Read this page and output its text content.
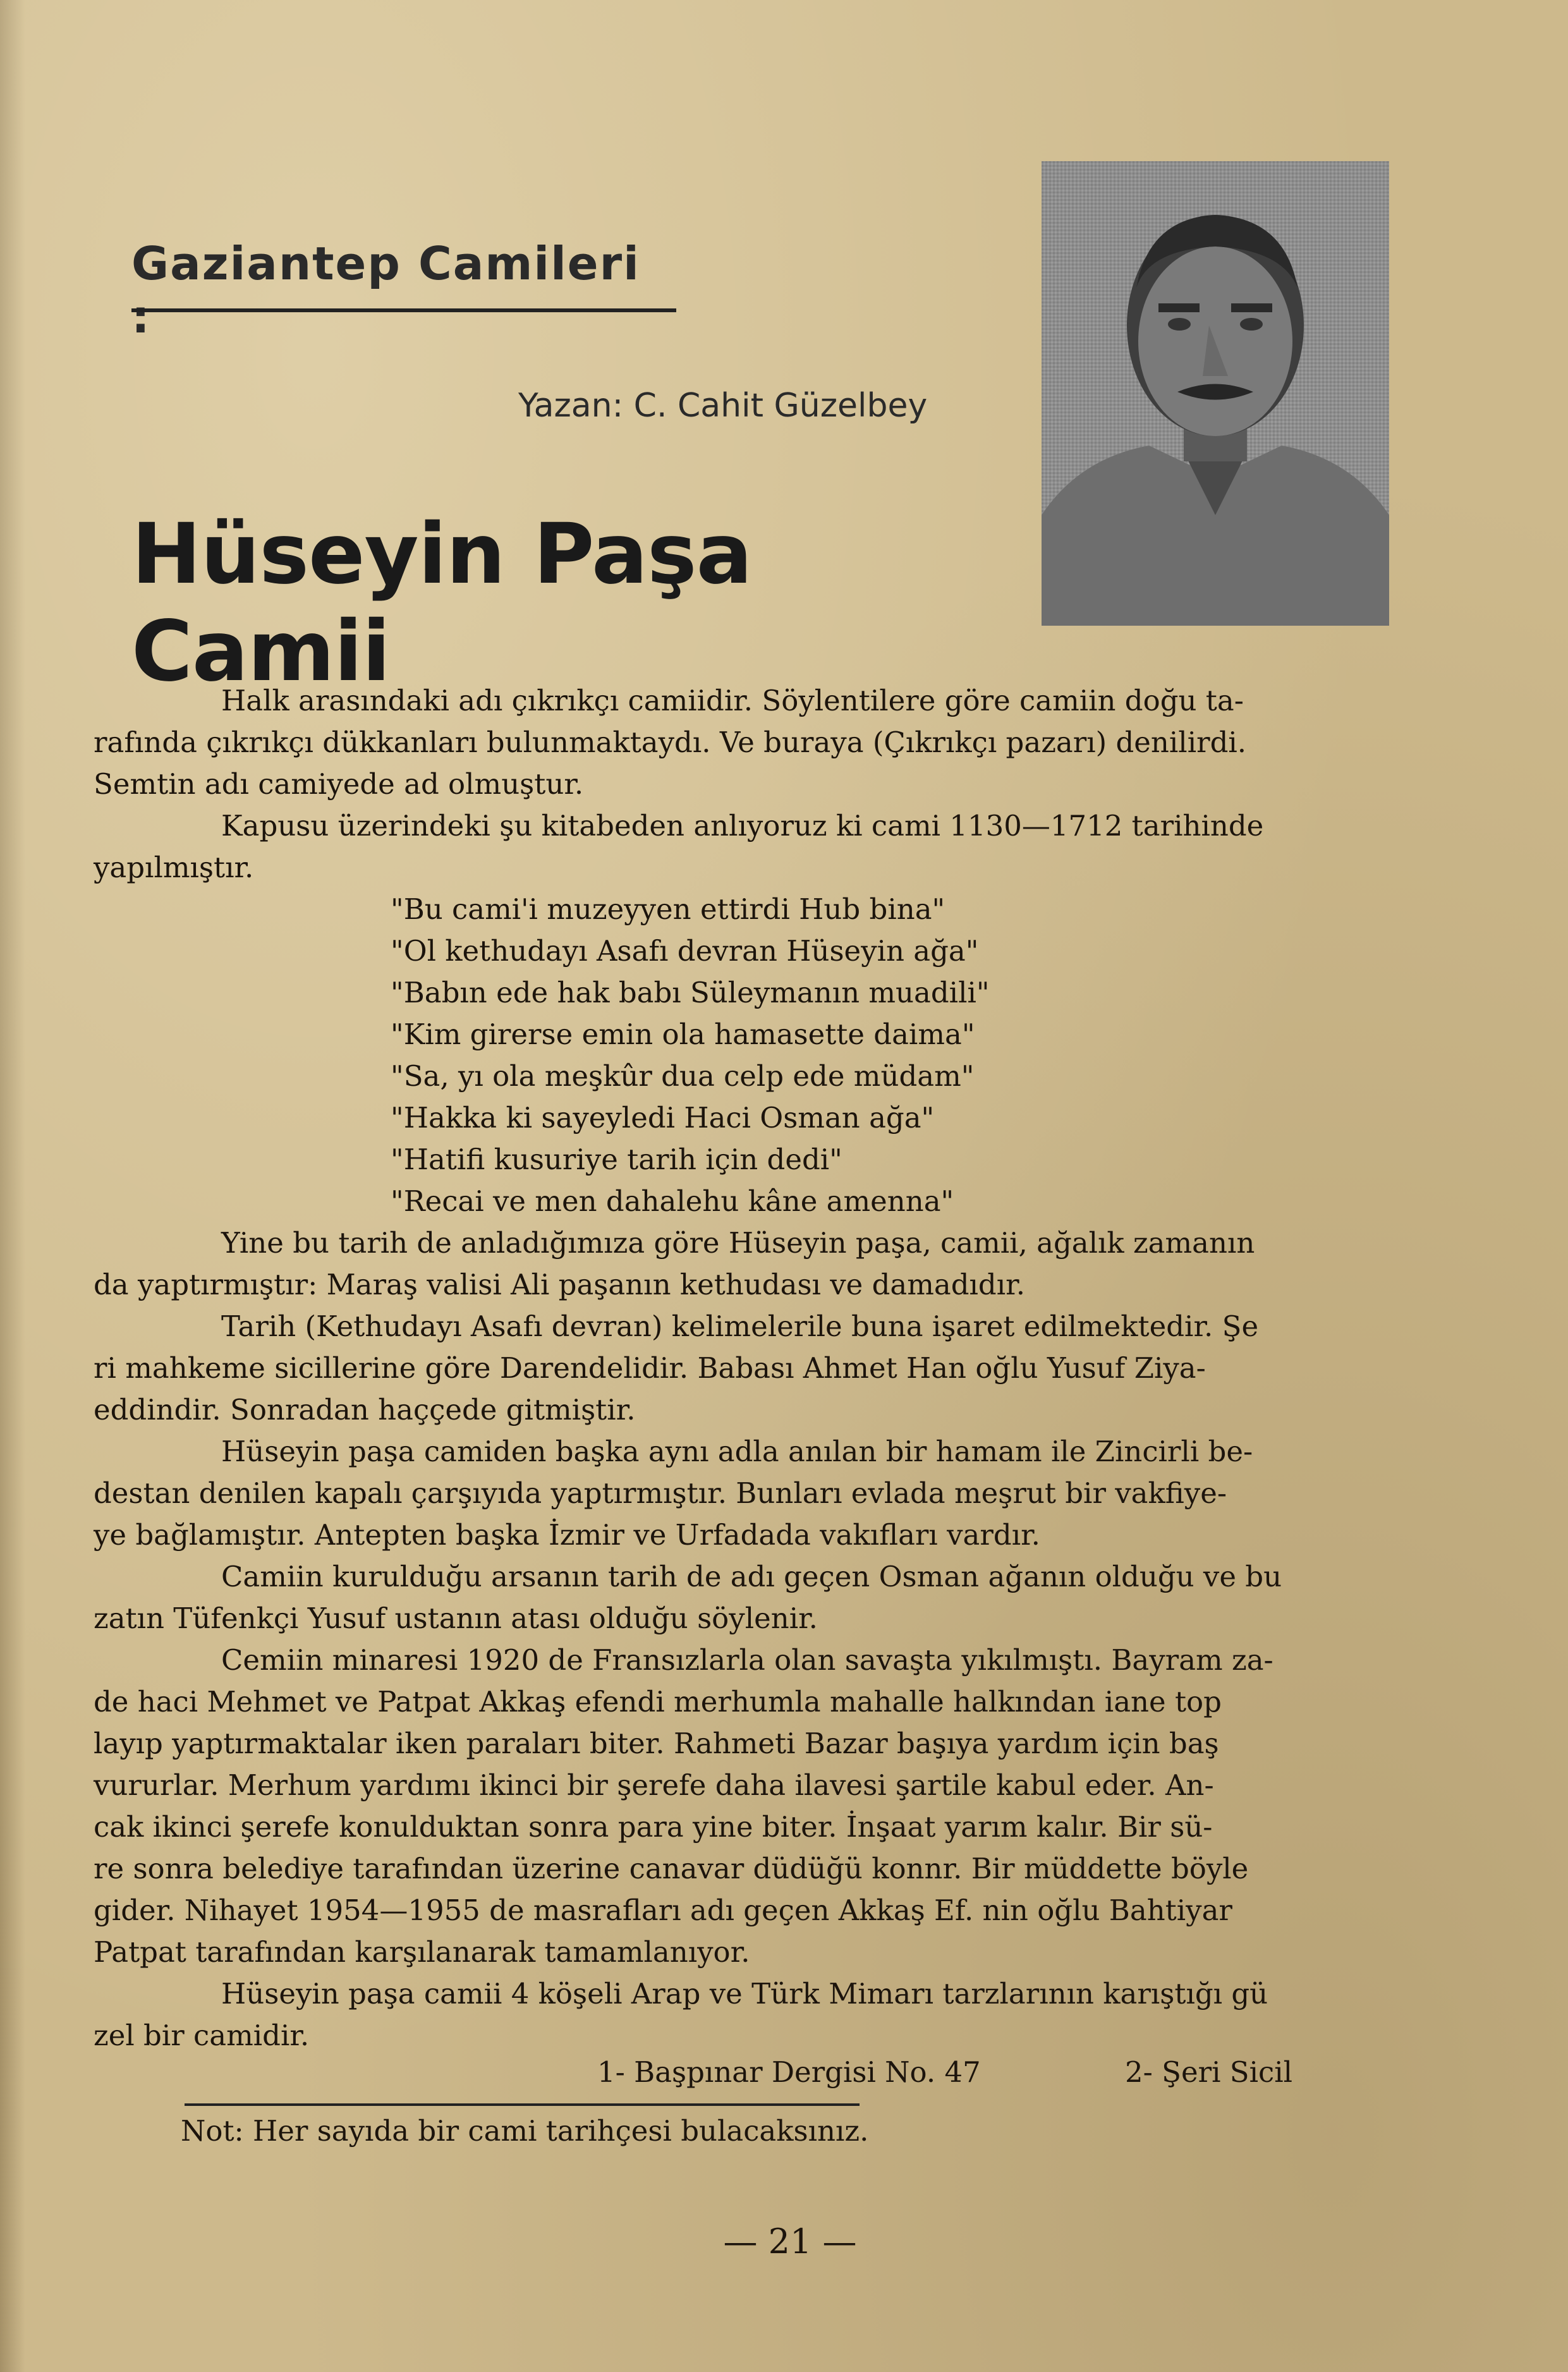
Gaziantep Camileri :
Yazan: C. Cahit Güzelbey
Hüseyin Paşa Camii
Halk arasındaki adı çıkrıkçı camiidir. Söylentilere göre camiin doğu ta-
rafında çıkrıkçı dükkanları bulunmaktaydı. Ve buraya (Çıkrıkçı pazarı) denilirdi.
Semtin adı camiyede ad olmuştur.
Kapusu üzerindeki şu kitabeden anlıyoruz ki cami 1130—1712 tarihinde
yapılmıştır.
"Bu cami'i muzeyyen ettirdi Hub bina"
"Ol kethudayı Asafı devran Hüseyin ağa"
"Babın ede hak babı Süleymanın muadili"
"Kim girerse emin ola hamasette daima"
"Sa, yı ola meşkûr dua celp ede müdam"
"Hakka ki sayeyledi Haci Osman ağa"
"Hatifi kusuriye tarih için dedi"
"Recai ve men dahalehu kâne amenna"
Yine bu tarih de anladığımıza göre Hüseyin paşa, camii, ağalık zamanın
da yaptırmıştır: Maraş valisi Ali paşanın kethudası ve damadıdır.
Tarih (Kethudayı Asafı devran) kelimelerile buna işaret edilmektedir. Şe
ri mahkeme sicillerine göre Darendelidir. Babası Ahmet Han oğlu Yusuf Ziya-
eddindir. Sonradan haççede gitmiştir.
Hüseyin paşa camiden başka aynı adla anılan bir hamam ile Zincirli be-
destan denilen kapalı çarşıyıda yaptırmıştır. Bunları evlada meşrut bir vakfiye-
ye bağlamıştır. Antepten başka İzmir ve Urfadada vakıfları vardır.
Camiin kurulduğu arsanın tarih de adı geçen Osman ağanın olduğu ve bu
zatın Tüfenkçi Yusuf ustanın atası olduğu söylenir.
Cemiin minaresi 1920 de Fransızlarla olan savaşta yıkılmıştı. Bayram za-
de haci Mehmet ve Patpat Akkaş efendi merhumla mahalle halkından iane top
layıp yaptırmaktalar iken paraları biter. Rahmeti Bazar başıya yardım için baş
vururlar. Merhum yardımı ikinci bir şerefe daha ilavesi şartile kabul eder. An-
cak ikinci şerefe konulduktan sonra para yine biter. İnşaat yarım kalır. Bir sü-
re sonra belediye tarafından üzerine canavar düdüğü konnr. Bir müddette böyle
gider. Nihayet 1954—1955 de masrafları adı geçen Akkaş Ef. nin oğlu Bahtiyar
Patpat tarafından karşılanarak tamamlanıyor.
Hüseyin paşa camii 4 köşeli Arap ve Türk Mimarı tarzlarının karıştığı gü
zel bir camidir.
1- Başpınar Dergisi No. 47	2- Şeri Sicil
Not: Her sayıda bir cami tarihçesi bulacaksınız.
— 21 —
